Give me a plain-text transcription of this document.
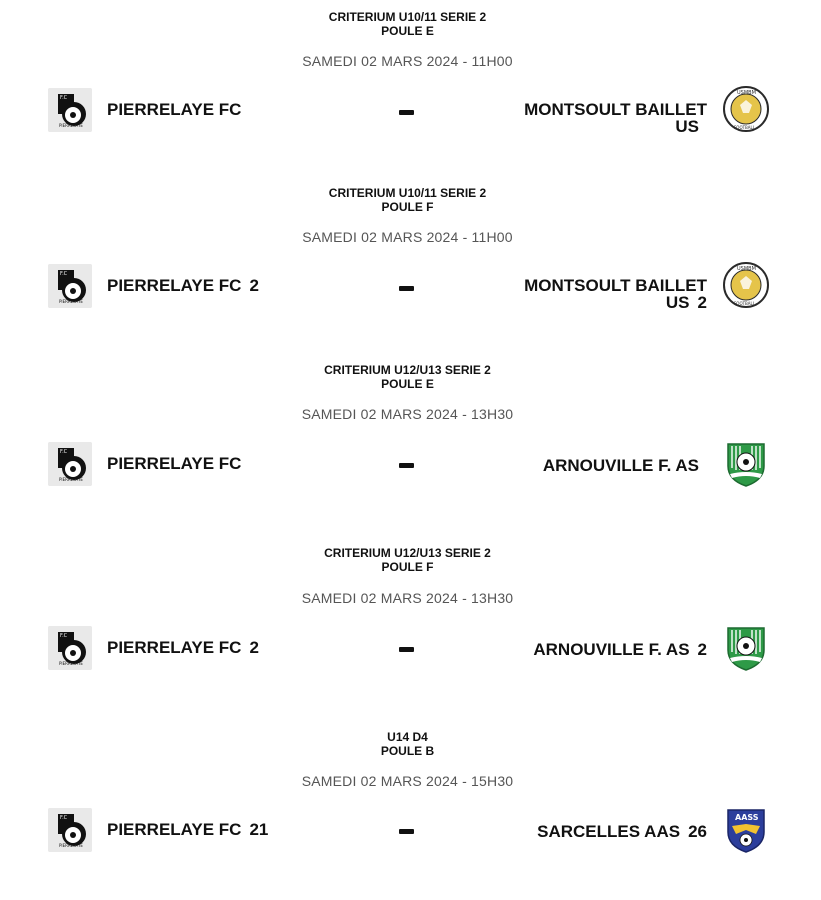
CRITERIUM U10/11 SERIE 2
POULE E
SAMEDI 02 MARS 2024 - 11H00
F.C
PIERRELAYE
PIERRELAYE FC	MONTSOULT BAILLET
US
USMBM
FOOTBALL
CRITERIUM U10/11 SERIE 2
POULE F
SAMEDI 02 MARS 2024 - 11H00
F.C
PIERRELAYE
PIERRELAYE FC 2	MONTSOULT BAILLET
US 2
USMBM
FOOTBALL
CRITERIUM U12/U13 SERIE 2
POULE E
SAMEDI 02 MARS 2024 - 13H30
F.C
PIERRELAYE
PIERRELAYE FC	ARNOUVILLE F. AS
CRITERIUM U12/U13 SERIE 2
POULE F
SAMEDI 02 MARS 2024 - 13H30
F.C
PIERRELAYE
PIERRELAYE FC 2	ARNOUVILLE F. AS 2
U14 D4
POULE B
SAMEDI 02 MARS 2024 - 15H30
F.C
PIERRELAYE
PIERRELAYE FC 21	SARCELLES AAS 26
AASS
